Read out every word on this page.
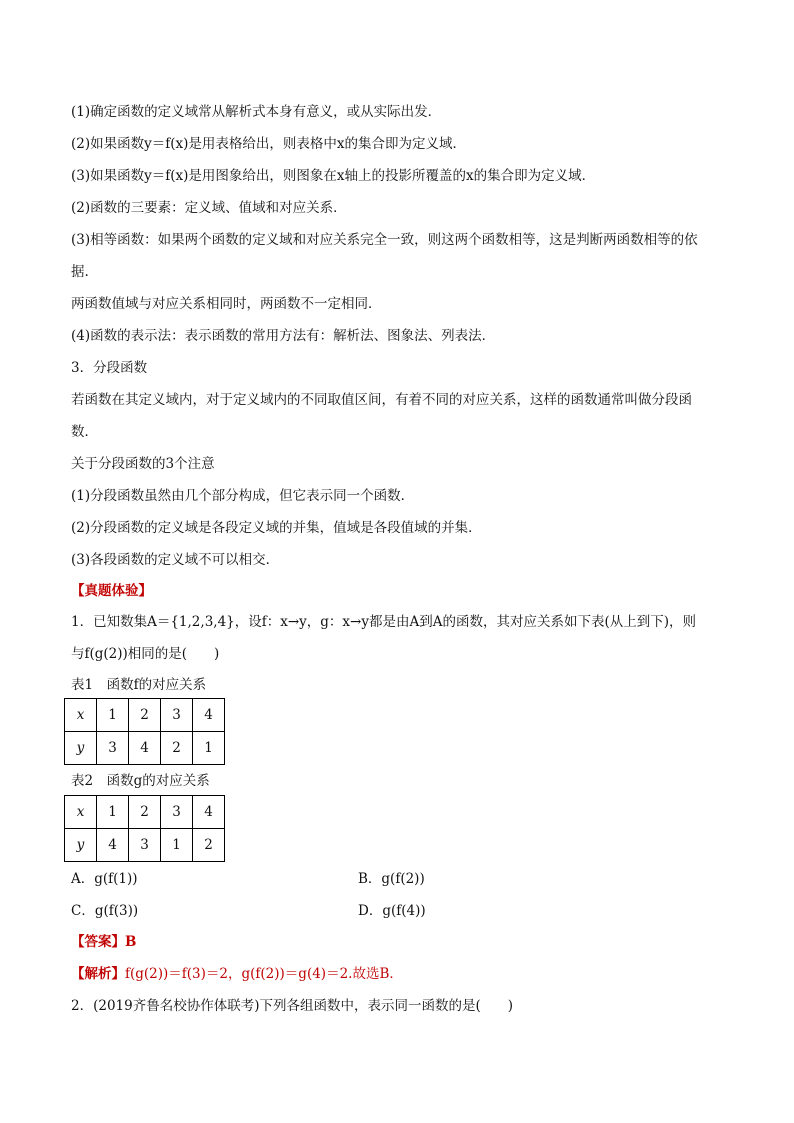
(1)确定函数的定义域常从解析式本身有意义，或从实际出发．
(2)如果函数y＝f(x)是用表格给出，则表格中x的集合即为定义域．
(3)如果函数y＝f(x)是用图象给出，则图象在x轴上的投影所覆盖的x的集合即为定义域．
(2)函数的三要素：定义域、值域和对应关系．
(3)相等函数：如果两个函数的定义域和对应关系完全一致，则这两个函数相等，这是判断两函数相等的依
据.
两函数值域与对应关系相同时，两函数不一定相同．
(4)函数的表示法：表示函数的常用方法有：解析法、图象法、列表法．
3．分段函数
若函数在其定义域内，对于定义域内的不同取值区间，有着不同的对应关系，这样的函数通常叫做分段函
数．
关于分段函数的3个注意
(1)分段函数虽然由几个部分构成，但它表示同一个函数．
(2)分段函数的定义域是各段定义域的并集，值域是各段值域的并集．
(3)各段函数的定义域不可以相交．
【真题体验】
1．已知数集A＝{1,2,3,4}，设f：x→y，g：x→y都是由A到A的函数，其对应关系如下表(从上到下)，则
与f(g(2))相同的是(　　)
表1　函数f的对应关系
x	1	2	3	4
y	3	4	2	1
表2　函数g的对应关系
x	1	2	3	4
y	4	3	1	2
A．g(f(1))	B．g(f(2))
C．g(f(3))	D．g(f(4))
【答案】B
【解析】f(g(2))＝f(3)＝2，g(f(2))＝g(4)＝2.故选B．
2．(2019齐鲁名校协作体联考)下列各组函数中，表示同一函数的是(　　)
